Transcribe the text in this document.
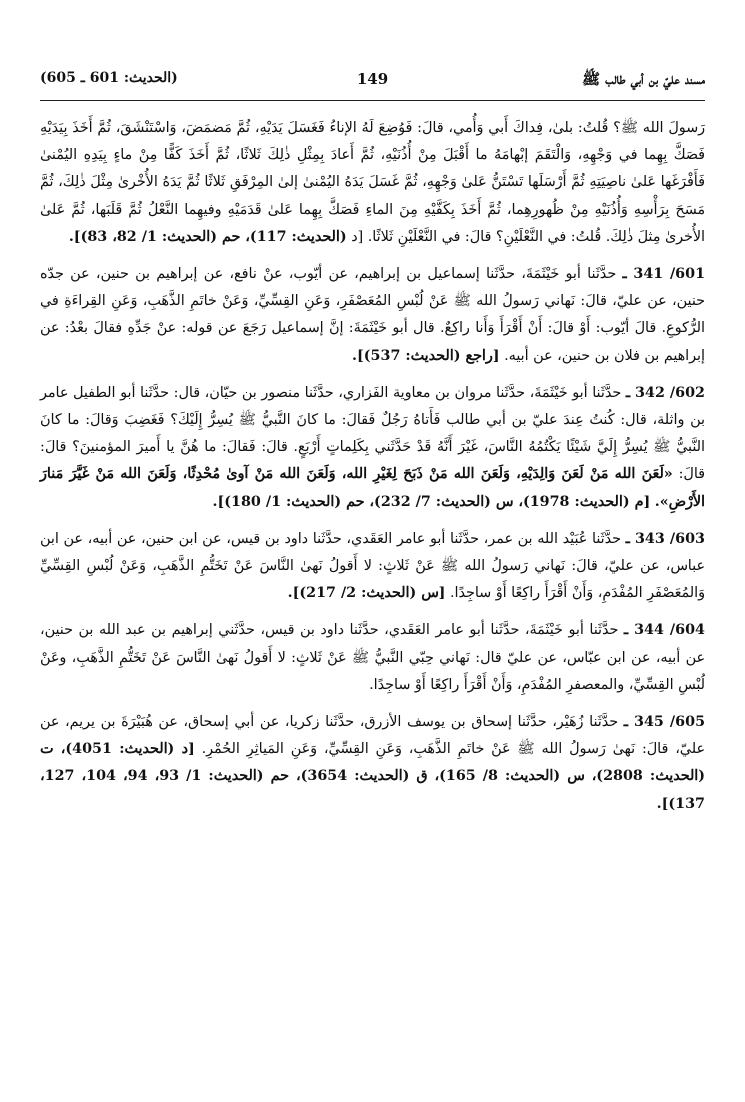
مسند عليّ بن أبي طالب ﷺ
149
(الحديث: 601 ـ 605)

رَسولَ الله ﷺ؟ قُلتُ: بلىٰ، فِداكَ أَبي وَأُمي، قالَ: فَوُضِعَ لَهُ الإناءُ فَغَسَلَ يَدَيْهِ، ثُمَّ مَضمَضَ، وَاسْتَنْشَقَ، ثُمَّ أَخَذَ بِيَدَيْهِ فَصَكَّ بِهِما في وَجْهِهِ، وَالْتَقَمَ إبْهامَهُ ما أَقْبَلَ مِنْ أُذُنَيْهِ، ثُمَّ أَعادَ بِمِثْلِ ذٰلِكَ ثَلاثًا، ثُمَّ أَخَذَ كَفًّا مِنْ ماءٍ بِيَدِهِ اليُمْنىٰ فَأَفْرَغَها عَلىٰ ناصِيَتِهِ ثُمَّ أَرْسَلَها تَسْتَنُّ عَلىٰ وَجْهِهِ، ثُمَّ غَسَلَ يَدَهُ اليُمْنىٰ إلىٰ المِرْفَقِ ثَلاثًا ثُمَّ يَدَهُ الأُخْرىٰ مِثْلَ ذٰلِكَ، ثُمَّ مَسَحَ بِرَأْسِهِ وَأُذُنَيْهِ مِنْ ظُهورِهِما، ثُمَّ أَخَذَ بِكَفَّيْهِ مِنَ الماءِ فَصَكَّ بِهِما عَلىٰ قَدَمَيْهِ وفيهِما النَّعْلُ ثُمَّ قَلَبَها، ثُمَّ عَلىٰ الأُخرىٰ مِثلَ ذٰلِكَ. قُلتُ: في النَّعْلَيْنِ؟ قالَ: في النَّعْلَيْنِ ثَلاثًا. [د (الحديث: 117)، حم (الحديث: 1/ 82، 83)].

601/ 341 ـ حدَّثَنا أبو خَيْثَمَةَ، حدَّثَنا إسماعيل بن إبراهيم، عن أيّوب، عنْ نافع، عن إبراهيم بن حنين، عن جدّه حنين، عن عليّ، قالَ: نَهاني رَسولُ الله ﷺ عَنْ لُبْسِ المُعَصْفَرِ، وَعَنِ القِسِّيِّ، وَعَنْ خاتَمِ الذَّهَبِ، وَعَنِ القِراءَةِ في الرُّكوعِ. قالَ أيّوب: أَوْ قالَ: أَنْ أَقْرَأَ وَأَنا راكِعٌ. قال أبو خَيْثَمَةَ: إنَّ إسماعيل رَجَعَ عن قوله: عنْ جَدِّهِ فقالَ بعْدُ: عن إبراهيم بن فلان بن حنين، عن أبيه. [راجع (الحديث: 537)].

602/ 342 ـ حدَّثَنا أبو خَيْثَمَةَ، حدَّثَنا مروان بن معاوية الفَزاري، حدَّثَنا منصور بن حيّان، قال: حدَّثَنا أبو الطفيل عامر بن واثلة، قال: كُنتُ عِندَ عليّ بن أبي طالب فَأَتاهُ رَجُلٌ فَقالَ: ما كانَ النَّبيُّ ﷺ يُسِرُّ إِلَيْكَ؟ فَغَضِبَ وَقالَ: ما كانَ النَّبيُّ ﷺ يُسِرُّ إِلَيَّ شَيْئًا يَكْتُمُهُ النَّاسَ، غَيْرَ أَنَّهُ قَدْ حَدَّثَني بِكَلِماتٍ أَرْبَعٍ. قالَ: فَقالَ: ما هُنَّ يا أَميرَ المؤمنينَ؟ قالَ: قالَ: «لَعَنَ الله مَنْ لَعَنَ وَالِدَيْهِ، وَلَعَنَ الله مَنْ ذَبَحَ لِغَيْرِ الله، وَلَعَنَ الله مَنْ آوىٰ مُحْدِثًا، وَلَعَنَ الله مَنْ غَيَّرَ مَنارَ الأَرْضِ». [م (الحديث: 1978)، س (الحديث: 7/ 232)، حم (الحديث: 1/ 180)].

603/ 343 ـ حدَّثَنا عُبَيْد الله بن عمر، حدَّثَنا أبو عامر العَقَدي، حدَّثَنا داود بن قيس، عن ابن حنين، عن أبيه، عن ابن عباس، عن عليّ، قالَ: نَهاني رَسولُ الله ﷺ عَنْ ثَلاثٍ: لا أَقولُ نَهىٰ النَّاسَ عَنْ تَخَتُّمِ الذَّهَبِ، وَعَنْ لُبْسِ القِسِّيِّ وَالمُعَصْفَرِ المُفْدَمِ، وَأَنْ أَقْرَأَ راكِعًا أَوْ ساجِدًا. [س (الحديث: 2/ 217)].

604/ 344 ـ حدَّثَنا أبو خَيْثَمَةَ، حدَّثَنا أبو عامر العَقَدي، حدَّثَنا داود بن قيس، حدَّثَني إبراهيم بن عبد الله بن حنين، عن أبيه، عن ابن عبّاس، عن عليّ قال: نَهاني حِبّي النَّبيُّ ﷺ عَنْ ثَلاثٍ: لا أَقولُ نَهىٰ النَّاسَ عَنْ تَخَتُّمِ الذَّهَبِ، وعَنْ لُبْسِ القِسِّيِّ، والمعصفرِ المُفْدَمِ، وَأَنْ أَقْرَأَ راكِعًا أَوْ ساجِدًا.

605/ 345 ـ حدَّثَنا زُهَيْر، حدَّثَنا إسحاق بن يوسف الأزرق، حدَّثَنا زكريا، عن أبي إسحاق، عن هُبَيْرَةَ بن يريم، عن عليّ، قالَ: نَهىٰ رَسولُ الله ﷺ عَنْ خاتَمِ الذَّهَبِ، وَعَنِ القِسِّيِّ، وَعَنِ المَياثِرِ الحُمْرِ. [د (الحديث: 4051)، ت (الحديث: 2808)، س (الحديث: 8/ 165)، ق (الحديث: 3654)، حم (الحديث: 1/ 93، 94، 104، 127، 137)].
